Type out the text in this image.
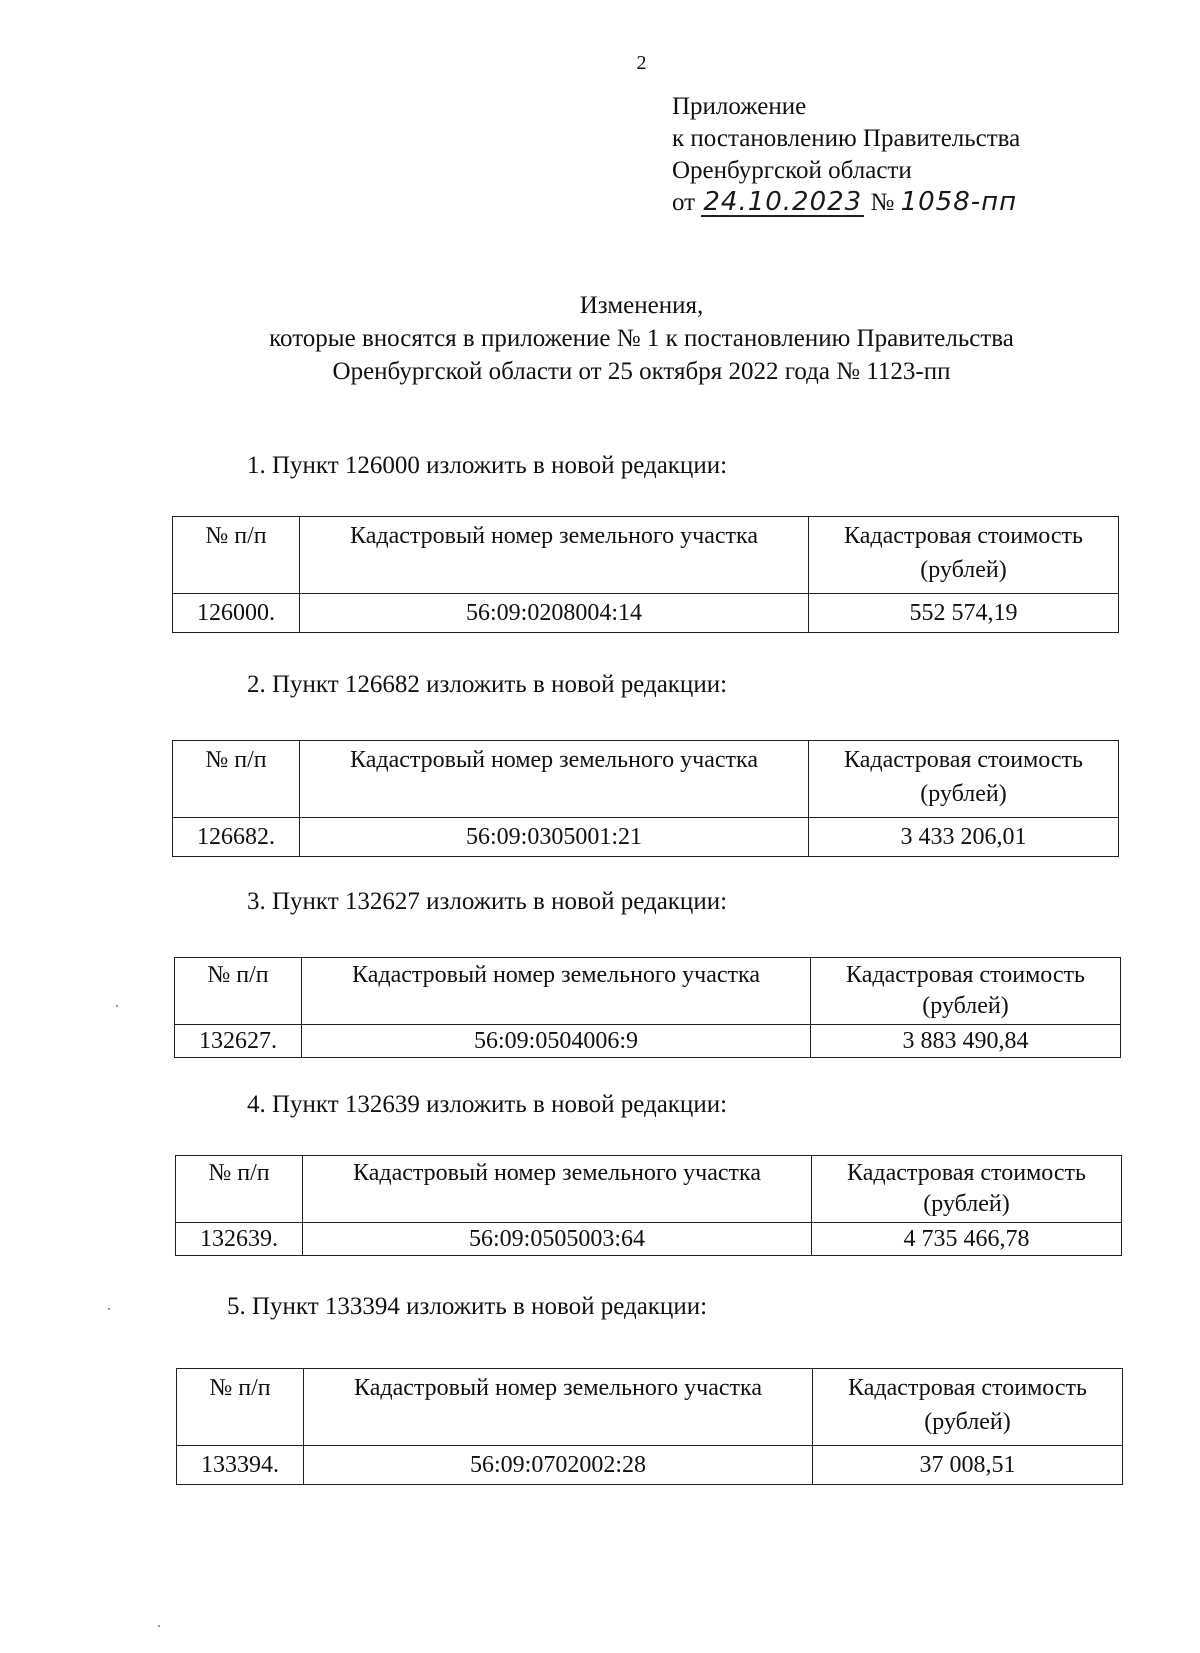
2
Приложение
к постановлению Правительства
Оренбургской области
от 24.10.2023 № 1058-пп
Изменения,
которые вносятся в приложение № 1 к постановлению Правительства
Оренбургской области от 25 октября 2022 года № 1123-пп
1. Пункт 126000 изложить в новой редакции:
№ п/п	Кадастровый номер земельного участка	Кадастровая стоимость (рублей)
126000.	56:09:0208004:14	552 574,19
2. Пункт 126682 изложить в новой редакции:
№ п/п	Кадастровый номер земельного участка	Кадастровая стоимость (рублей)
126682.	56:09:0305001:21	3 433 206,01
3. Пункт 132627 изложить в новой редакции:
№ п/п	Кадастровый номер земельного участка	Кадастровая стоимость (рублей)
132627.	56:09:0504006:9	3 883 490,84
4. Пункт 132639 изложить в новой редакции:
№ п/п	Кадастровый номер земельного участка	Кадастровая стоимость (рублей)
132639.	56:09:0505003:64	4 735 466,78
5. Пункт 133394 изложить в новой редакции:
№ п/п	Кадастровый номер земельного участка	Кадастровая стоимость (рублей)
133394.	56:09:0702002:28	37 008,51
